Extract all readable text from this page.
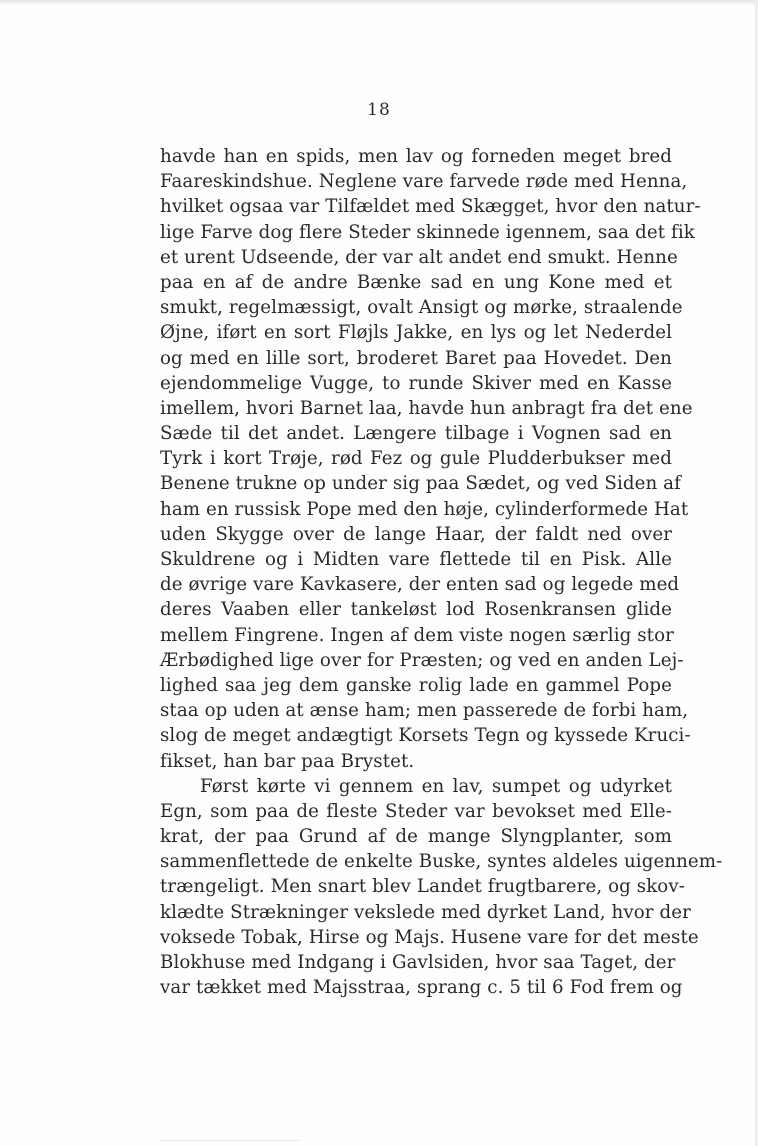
18
havde han en spids, men lav og forneden meget bred
Faareskindshue. Neglene vare farvede røde med Henna,
hvilket ogsaa var Tilfældet med Skægget, hvor den natur-
lige Farve dog flere Steder skinnede igennem, saa det fik
et urent Udseende, der var alt andet end smukt. Henne
paa en af de andre Bænke sad en ung Kone med et
smukt, regelmæssigt, ovalt Ansigt og mørke, straalende
Øjne, iført en sort Fløjls Jakke, en lys og let Nederdel
og med en lille sort, broderet Baret paa Hovedet. Den
ejendommelige Vugge, to runde Skiver med en Kasse
imellem, hvori Barnet laa, havde hun anbragt fra det ene
Sæde til det andet. Længere tilbage i Vognen sad en
Tyrk i kort Trøje, rød Fez og gule Pludderbukser med
Benene trukne op under sig paa Sædet, og ved Siden af
ham en russisk Pope med den høje, cylinderformede Hat
uden Skygge over de lange Haar, der faldt ned over
Skuldrene og i Midten vare flettede til en Pisk. Alle
de øvrige vare Kavkasere, der enten sad og legede med
deres Vaaben eller tankeløst lod Rosenkransen glide
mellem Fingrene. Ingen af dem viste nogen særlig stor
Ærbødighed lige over for Præsten; og ved en anden Lej-
lighed saa jeg dem ganske rolig lade en gammel Pope
staa op uden at ænse ham; men passerede de forbi ham,
slog de meget andægtigt Korsets Tegn og kyssede Kruci-
fikset, han bar paa Brystet.
Først kørte vi gennem en lav, sumpet og udyrket
Egn, som paa de fleste Steder var bevokset med Elle-
krat, der paa Grund af de mange Slyngplanter, som
sammenflettede de enkelte Buske, syntes aldeles uigennem-
trængeligt. Men snart blev Landet frugtbarere, og skov-
klædte Strækninger vekslede med dyrket Land, hvor der
voksede Tobak, Hirse og Majs. Husene vare for det meste
Blokhuse med Indgang i Gavlsiden, hvor saa Taget, der
var tækket med Majsstraa, sprang c. 5 til 6 Fod frem og
